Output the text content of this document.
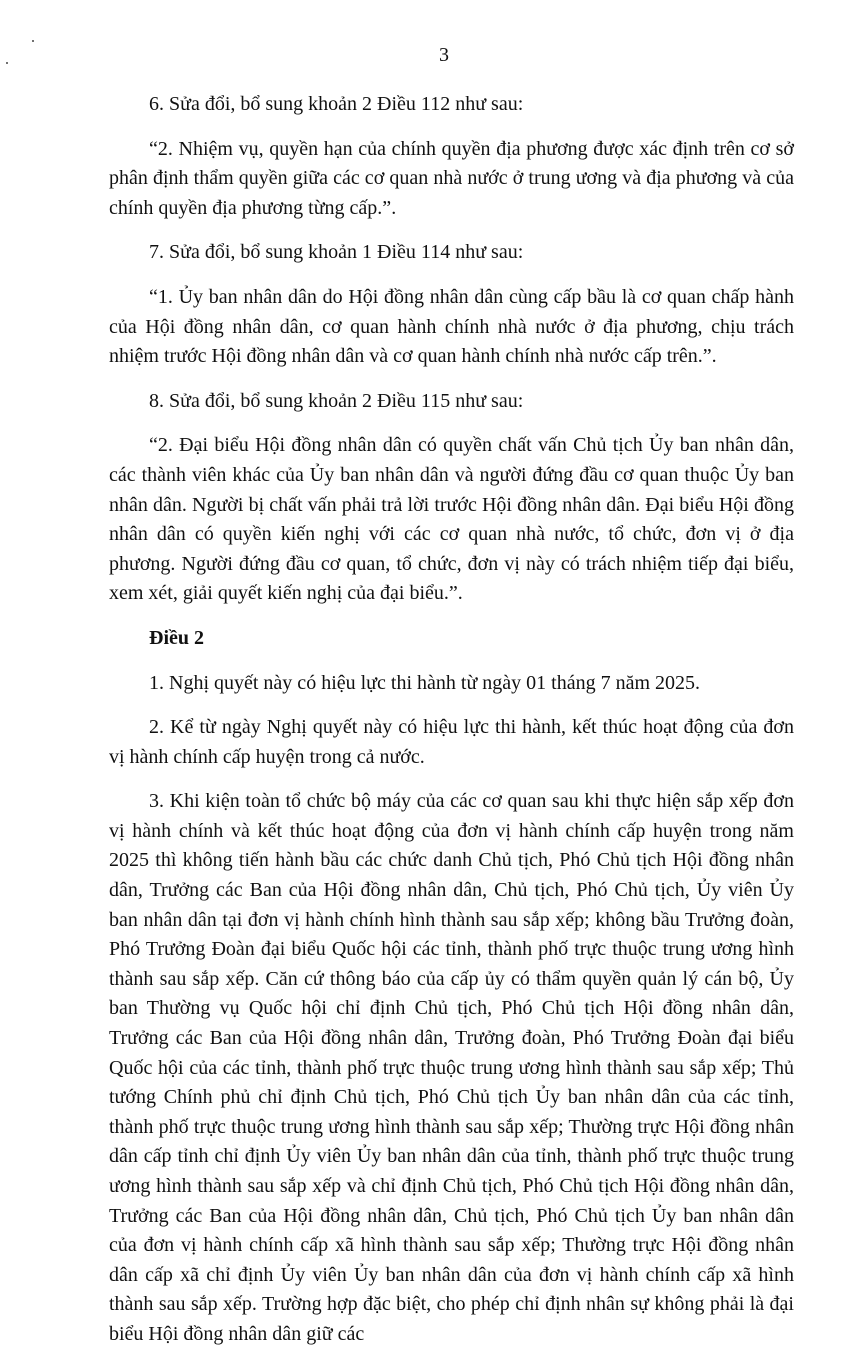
3

6. Sửa đổi, bổ sung khoản 2 Điều 112 như sau:

“2. Nhiệm vụ, quyền hạn của chính quyền địa phương được xác định trên cơ sở phân định thẩm quyền giữa các cơ quan nhà nước ở trung ương và địa phương và của chính quyền địa phương từng cấp.”.

7. Sửa đổi, bổ sung khoản 1 Điều 114 như sau:

“1. Ủy ban nhân dân do Hội đồng nhân dân cùng cấp bầu là cơ quan chấp hành của Hội đồng nhân dân, cơ quan hành chính nhà nước ở địa phương, chịu trách nhiệm trước Hội đồng nhân dân và cơ quan hành chính nhà nước cấp trên.”.

8. Sửa đổi, bổ sung khoản 2 Điều 115 như sau:

“2. Đại biểu Hội đồng nhân dân có quyền chất vấn Chủ tịch Ủy ban nhân dân, các thành viên khác của Ủy ban nhân dân và người đứng đầu cơ quan thuộc Ủy ban nhân dân. Người bị chất vấn phải trả lời trước Hội đồng nhân dân. Đại biểu Hội đồng nhân dân có quyền kiến nghị với các cơ quan nhà nước, tổ chức, đơn vị ở địa phương. Người đứng đầu cơ quan, tổ chức, đơn vị này có trách nhiệm tiếp đại biểu, xem xét, giải quyết kiến nghị của đại biểu.”.

Điều 2

1. Nghị quyết này có hiệu lực thi hành từ ngày 01 tháng 7 năm 2025.

2. Kể từ ngày Nghị quyết này có hiệu lực thi hành, kết thúc hoạt động của đơn vị hành chính cấp huyện trong cả nước.

3. Khi kiện toàn tổ chức bộ máy của các cơ quan sau khi thực hiện sắp xếp đơn vị hành chính và kết thúc hoạt động của đơn vị hành chính cấp huyện trong năm 2025 thì không tiến hành bầu các chức danh Chủ tịch, Phó Chủ tịch Hội đồng nhân dân, Trưởng các Ban của Hội đồng nhân dân, Chủ tịch, Phó Chủ tịch, Ủy viên Ủy ban nhân dân tại đơn vị hành chính hình thành sau sắp xếp; không bầu Trưởng đoàn, Phó Trưởng Đoàn đại biểu Quốc hội các tỉnh, thành phố trực thuộc trung ương hình thành sau sắp xếp. Căn cứ thông báo của cấp ủy có thẩm quyền quản lý cán bộ, Ủy ban Thường vụ Quốc hội chỉ định Chủ tịch, Phó Chủ tịch Hội đồng nhân dân, Trưởng các Ban của Hội đồng nhân dân, Trưởng đoàn, Phó Trưởng Đoàn đại biểu Quốc hội của các tỉnh, thành phố trực thuộc trung ương hình thành sau sắp xếp; Thủ tướng Chính phủ chỉ định Chủ tịch, Phó Chủ tịch Ủy ban nhân dân của các tỉnh, thành phố trực thuộc trung ương hình thành sau sắp xếp; Thường trực Hội đồng nhân dân cấp tỉnh chỉ định Ủy viên Ủy ban nhân dân của tỉnh, thành phố trực thuộc trung ương hình thành sau sắp xếp và chỉ định Chủ tịch, Phó Chủ tịch Hội đồng nhân dân, Trưởng các Ban của Hội đồng nhân dân, Chủ tịch, Phó Chủ tịch Ủy ban nhân dân của đơn vị hành chính cấp xã hình thành sau sắp xếp; Thường trực Hội đồng nhân dân cấp xã chỉ định Ủy viên Ủy ban nhân dân của đơn vị hành chính cấp xã hình thành sau sắp xếp. Trường hợp đặc biệt, cho phép chỉ định nhân sự không phải là đại biểu Hội đồng nhân dân giữ các
